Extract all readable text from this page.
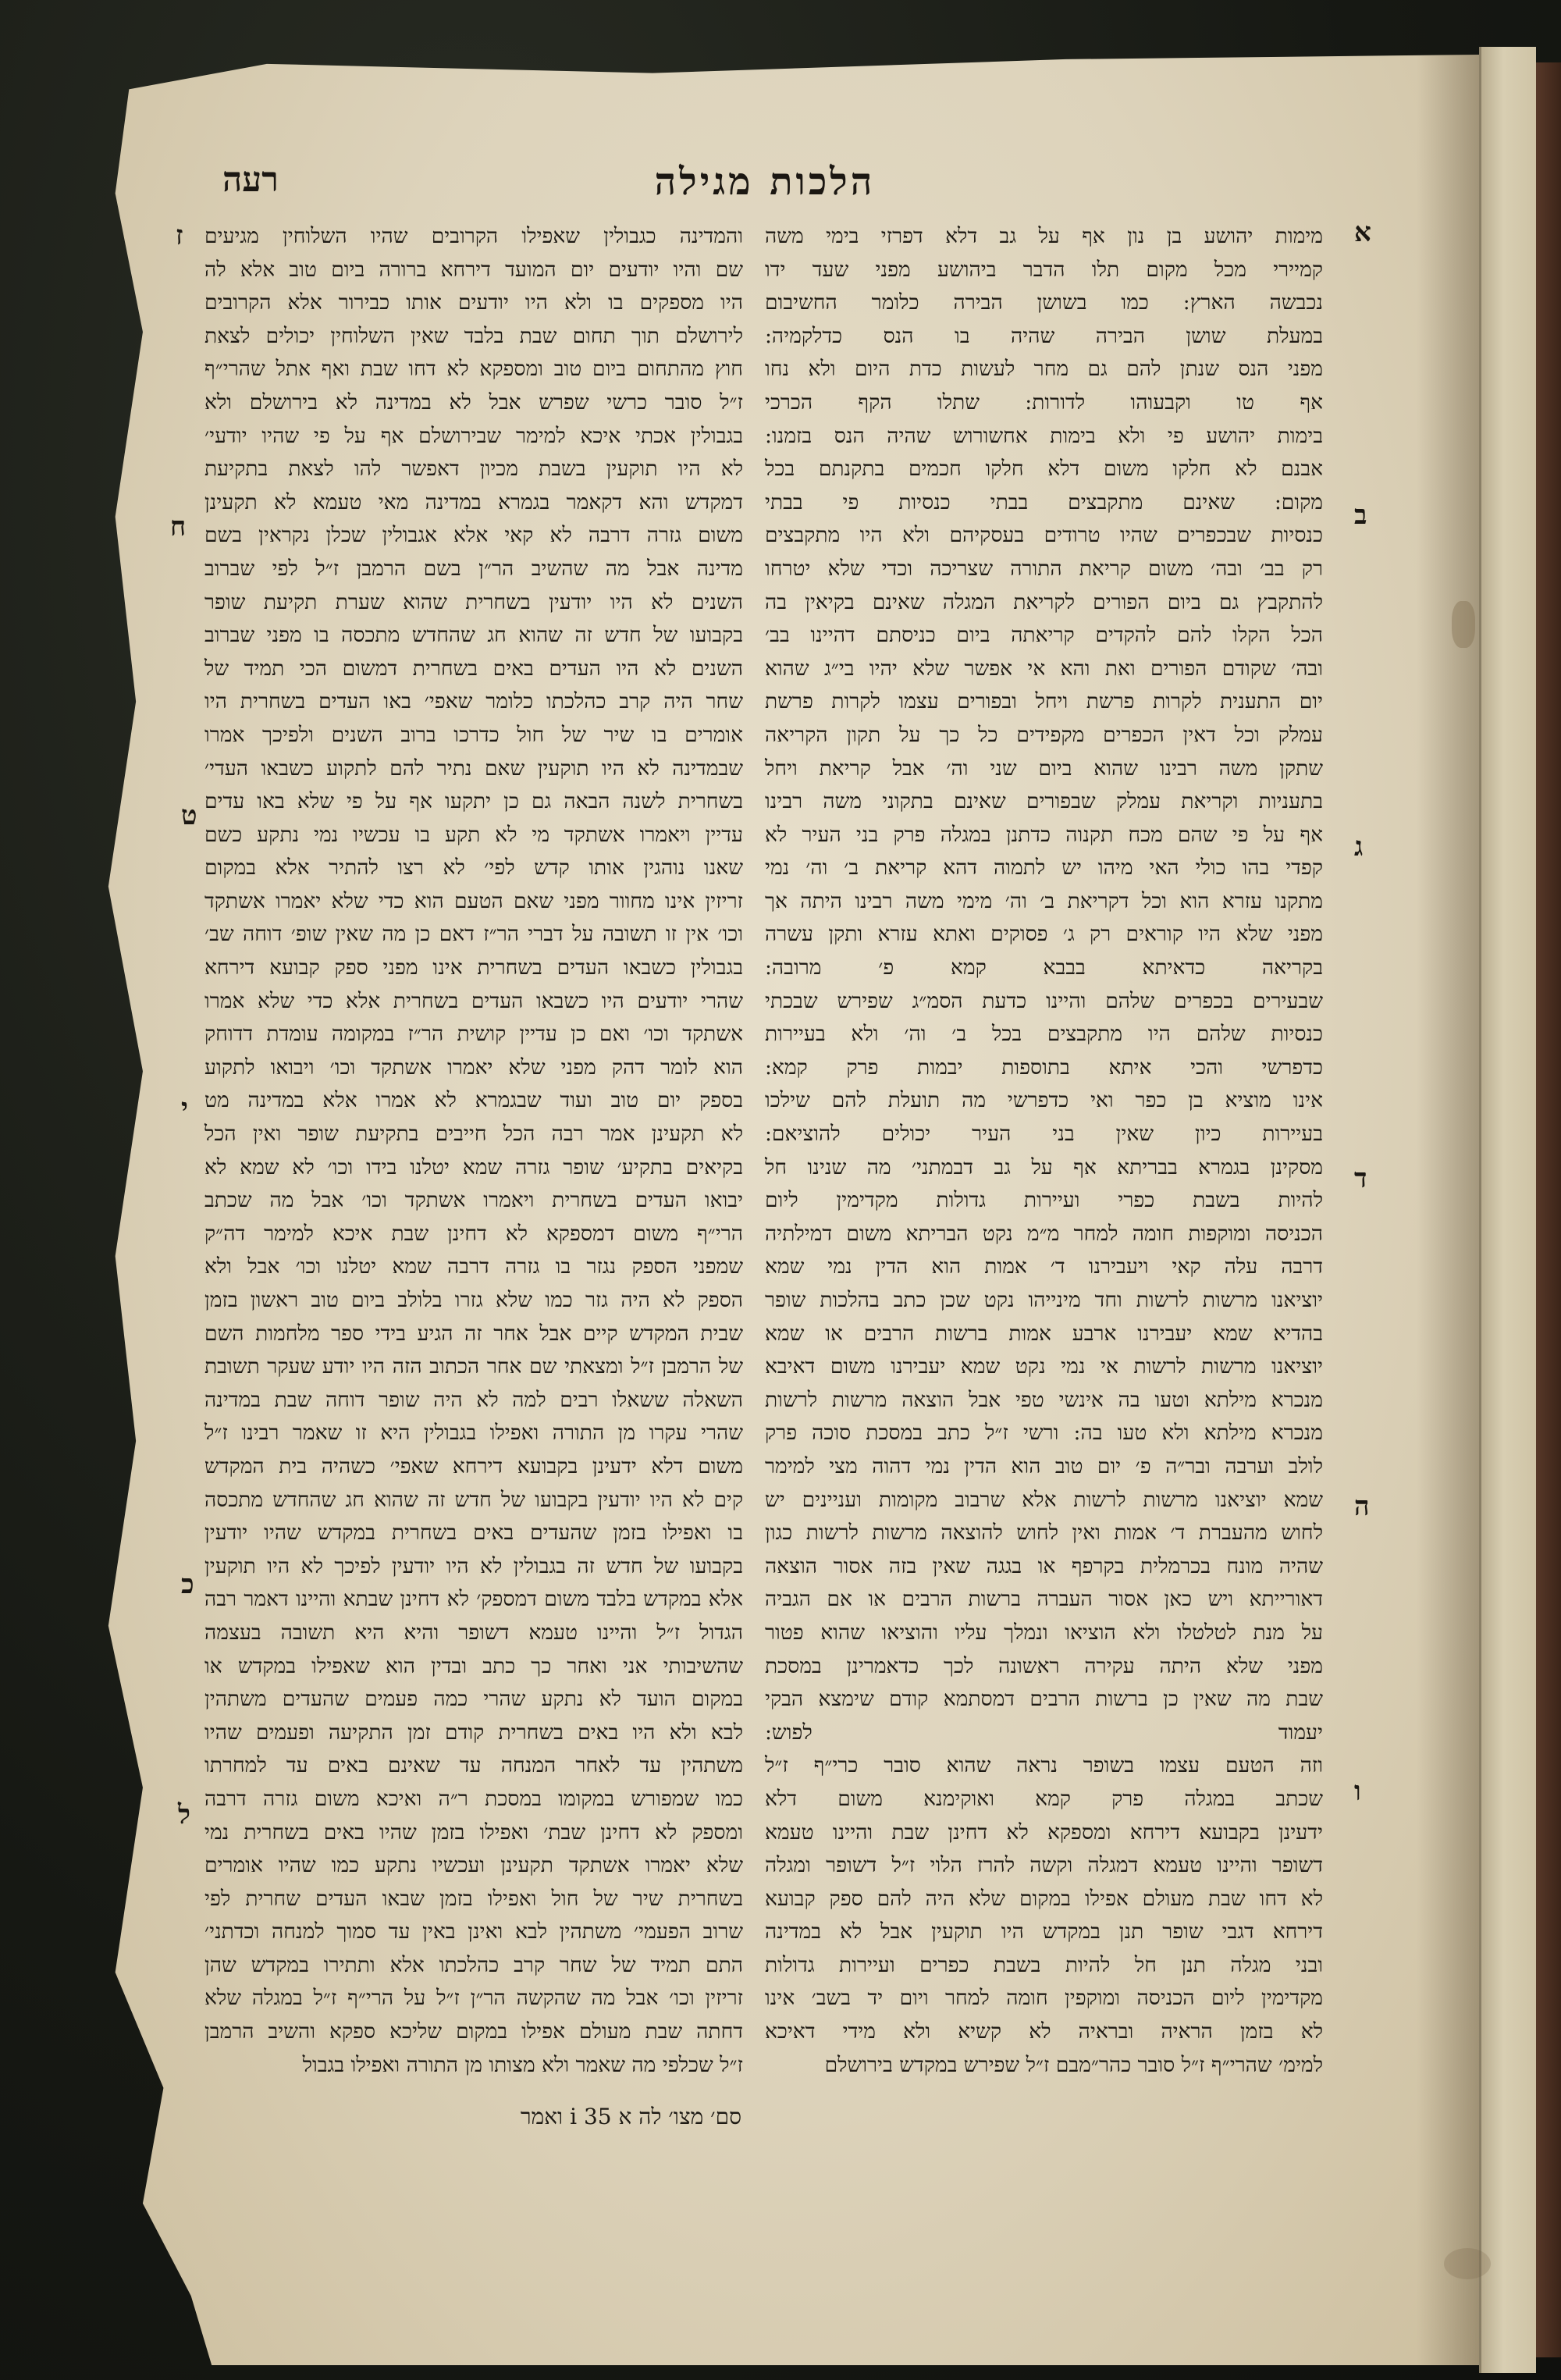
הלכות מגילה
רעה
א
ב
ג
ד
ה
ו
ז
ח
ט
י
כ
ל
מימות יהושע בן נון אף על גב דלא דפרזי בימי משה
קמיירי מכל מקום תלו הדבר ביהושע מפני שעד ידו
נכבשה הארץ: כמו בשושן הבירה כלומר החשיבום
במעלת שושן הבירה שהיה בו הנס כדלקמיה:
מפני הנס שנתן להם גם מחר לעשות כדת היום ולא נחו
אף טו וקבעוהו לדורות: שתלו הקף הכרכי
בימות יהושע פי ולא בימות אחשורוש שהיה הנס בזמנו:
אבנם לא חלקו משום דלא חלקו חכמים בתקנתם בכל
מקום: שאינם מתקבצים בבתי כנסיות פי בבתי
כנסיות שבכפרים שהיו טרודים בעסקיהם ולא היו מתקבצים
רק בב׳ ובה׳ משום קריאת התורה שצריכה וכדי שלא יטרחו
להתקבץ גם ביום הפורים לקריאת המגלה שאינם בקיאין בה
הכל הקלו להם להקדים קריאתה ביום כניסתם דהיינו בב׳
ובה׳ שקודם הפורים ואת והא אי אפשר שלא יהיו בי״ג שהוא
יום התענית לקרות פרשת ויחל ובפורים עצמו לקרות פרשת
עמלק וכל דאין הכפרים מקפידים כל כך על תקון הקריאה
שתקן משה רבינו שהוא ביום שני וה׳ אבל קריאת ויחל
בתעניות וקריאת עמלק שבפורים שאינם בתקוני משה רבינו
אף על פי שהם מכח תקנוה כדתנן במגלה פרק בני העיר לא
קפדי בהו כולי האי מיהו יש לתמוה דהא קריאת ב׳ וה׳ נמי
מתקנו עזרא הוא וכל דקריאת ב׳ וה׳ מימי משה רבינו היתה אך
מפני שלא היו קוראים רק ג׳ פסוקים ואתא עזרא ותקן עשרה
בקריאה כדאיתא בבבא קמא פ׳ מרובה:
שבעירים בכפרים שלהם והיינו כדעת הסמ״ג שפירש שבכתי
כנסיות שלהם היו מתקבצים בכל ב׳ וה׳ ולא בעיירות
כדפרשי והכי איתא בתוספות יבמות פרק קמא:
אינו מוציא בן כפר ואי כדפרשי מה תועלת להם שילכו
בעיירות כיון שאין בני העיר יכולים להוציאם:
מסקינן בגמרא בבריתא אף על גב דבמתני׳ מה שנינו חל
להיות בשבת כפרי ועיירות גדולות מקדימין ליום
הכניסה ומוקפות חומה למחר מ״מ נקט הבריתא משום דמילתיה
דרבה עלה קאי ויעבירנו ד׳ אמות הוא הדין נמי שמא
יוציאנו מרשות לרשות וחד מינייהו נקט שכן כתב בהלכות שופר
בהדיא שמא יעבירנו ארבע אמות ברשות הרבים או שמא
יוציאנו מרשות לרשות אי נמי נקט שמא יעבירנו משום דאיבא
מנכרא מילתא וטעו בה אינשי טפי אבל הוצאה מרשות לרשות
מנכרא מילתא ולא טעו בה: ורשי ז״ל כתב במסכת סוכה פרק
לולב וערבה ובר״ה פ׳ יום טוב הוא הדין נמי דהוה מצי למימר
שמא יוציאנו מרשות לרשות אלא שרבוב מקומות ועניינים יש
לחוש מהעברת ד׳ אמות ואין לחוש להוצאה מרשות לרשות כגון
שהיה מונח בכרמלית בקרפף או בגגה שאין בזה אסור הוצאה
דאורייתא ויש כאן אסור העברה ברשות הרבים או אם הגביה
על מנת לטלטלו ולא הוציאו ונמלך עליו והוציאו שהוא פטור
מפני שלא היתה עקירה ראשונה לכך כדאמרינן במסכת
שבת מה שאין כן ברשות הרבים דמסתמא קודם שימצא הבקי
יעמוד לפוש:
וזה הטעם עצמו בשופר נראה שהוא סובר כרי״ף ז״ל
שכתב במגלה פרק קמא ואוקימנא משום דלא
ידעינן בקבועא דירחא ומספקא לא דחינן שבת והיינו טעמא
דשופר והיינו טעמא דמגלה וקשה להרז הלוי ז״ל דשופר ומגלה
לא דחו שבת מעולם אפילו במקום שלא היה להם ספק קבועא
דירחא דגבי שופר תנן במקדש היו תוקעין אבל לא במדינה
ובני מגלה תנן חל להיות בשבת כפרים ועיירות גדולות
מקדימין ליום הכניסה ומוקפין חומה למחר ויום יד בשב׳ אינו
לא בזמן הראיה ובראיה לא קשיא ולא מידי דאיכא
למימ׳ שהרי״ף ז״ל סובר כהר״מבם ז״ל שפירש במקדש בירושלם
והמדינה כגבולין שאפילו הקרובים שהיו השלוחין מגיעים
שם והיו יודעים יום המועד דירחא ברורה ביום טוב אלא לה
היו מספקים בו ולא היו יודעים אותו כבירור אלא הקרובים
לירושלם תוך תחום שבת בלבד שאין השלוחין יכולים לצאת
חוץ מהתחום ביום טוב ומספקא לא דחו שבת ואף אתל שהרי״ף
ז״ל סובר כרשי שפרש אבל לא במדינה לא בירושלם ולא
בגבולין אכתי איכא למימר שבירושלם אף על פי שהיו יודעי׳
לא היו תוקעין בשבת מכיון דאפשר להו לצאת בתקיעת
דמקדש והא דקאמר בגמרא במדינה מאי טעמא לא תקעינן
משום גזרה דרבה לא קאי אלא אגבולין שכלן נקראין בשם
מדינה אבל מה שהשיב הר״ן בשם הרמבן ז״ל לפי שברוב
השנים לא היו יודעין בשחרית שהוא שערת תקיעת שופר
בקבועו של חדש זה שהוא חג שהחדש מתכסה בו מפני שברוב
השנים לא היו העדים באים בשחרית דמשום הכי תמיד של
שחר היה קרב כהלכתו כלומר שאפי׳ באו העדים בשחרית היו
אומרים בו שיר של חול כדרכו ברוב השנים ולפיכך אמרו
שבמדינה לא היו תוקעין שאם נתיר להם לתקוע כשבאו העדי׳
בשחרית לשנה הבאה גם כן יתקעו אף על פי שלא באו עדים
עדיין ויאמרו אשתקד מי לא תקע בו עכשיו נמי נתקע כשם
שאנו נוהגין אותו קדש לפי׳ לא רצו להתיר אלא במקום
זריזין אינו מחוור מפני שאם הטעם הוא כדי שלא יאמרו אשתקד
וכו׳ אין זו תשובה על דברי הר״ז דאם כן מה שאין שופ׳ דוחה שב׳
בגבולין כשבאו העדים בשחרית אינו מפני ספק קבועא דירחא
שהרי יודעים היו כשבאו העדים בשחרית אלא כדי שלא אמרו
אשתקד וכו׳ ואם כן עדיין קושית הר״ז במקומה עומדת דדוחק
הוא לומר דהק מפני שלא יאמרו אשתקד וכו׳ ויבואו לתקוע
בספק יום טוב ועוד שבגמרא לא אמרו אלא במדינה מט
לא תקעינן אמר רבה הכל חייבים בתקיעת שופר ואין הכל
בקיאים בתקיע׳ שופר גזרה שמא יטלנו בידו וכו׳ לא שמא לא
יבואו העדים בשחרית ויאמרו אשתקד וכו׳ אבל מה שכתב
הרי״ף משום דמספקא לא דחינן שבת איכא למימר דה״ק
שמפני הספק נגזר בו גזרה דרבה שמא יטלנו וכו׳ אבל ולא
הספק לא היה גזר כמו שלא גזרו בלולב ביום טוב ראשון בזמן
שבית המקדש קיים אבל אחר זה הגיע בידי ספר מלחמות השם
של הרמבן ז״ל ומצאתי שם אחר הכתוב הזה היו יודע שעקר תשובת
השאלה ששאלו רבים למה לא היה שופר דוחה שבת במדינה
שהרי עקרו מן התורה ואפילו בגבולין היא זו שאמר רבינו ז״ל
משום דלא ידעינן בקבועא דירחא שאפי׳ כשהיה בית המקדש
קים לא היו יודעין בקבועו של חדש זה שהוא חג שהחדש מתכסה
בו ואפילו בזמן שהעדים באים בשחרית במקדש שהיו יודעין
בקבועו של חדש זה בגבולין לא היו יודעין לפיכך לא היו תוקעין
אלא במקדש בלבד משום דמספק׳ לא דחינן שבתא והיינו דאמר רבה
הגדול ז״ל והיינו טעמא דשופר והיא היא תשובה בעצמה
שהשיבותי אני ואחר כך כתב ובדין הוא שאפילו במקדש או
במקום הועד לא נתקע שהרי כמה פעמים שהעדים משתהין
לבא ולא היו באים בשחרית קודם זמן התקיעה ופעמים שהיו
משתהין עד לאחר המנחה עד שאינם באים עד למחרתו
כמו שמפורש במקומו במסכת ר״ה ואיכא משום גזרה דרבה
ומספק לא דחינן שבת׳ ואפילו בזמן שהיו באים בשחרית נמי
שלא יאמרו אשתקד תקעינן ועכשיו נתקע כמו שהיו אומרים
בשחרית שיר של חול ואפילו בזמן שבאו העדים שחרית לפי
שרוב הפעמי׳ משתהין לבא ואינן באין עד סמוך למנחה וכדתני׳
התם תמיד של שחר קרב כהלכתו אלא ותתירו במקדש שהן
זריזין וכו׳ אבל מה שהקשה הר״ן ז״ל על הרי״ף ז״ל במגלה שלא
דחתה שבת מעולם אפילו במקום שליכא ספקא והשיב הרמבן
ז״ל שכלפי מה שאמר ולא מצותו מן התורה ואפילו בגבול
סם׳ מצו׳ לה א 35 i ואמר
